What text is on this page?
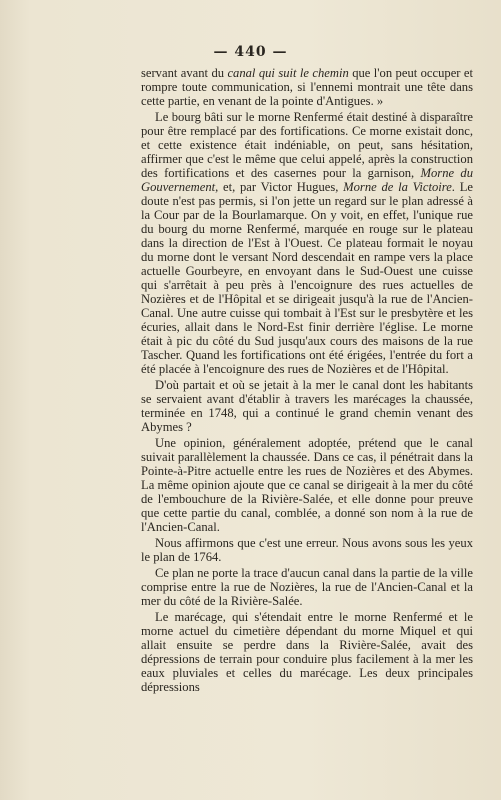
— 440 —

servant avant du canal qui suit le chemin que l'on peut occuper et rompre toute communication, si l'ennemi montrait une tête dans cette partie, en venant de la pointe d'Antigues. »

Le bourg bâti sur le morne Renfermé était destiné à disparaître pour être remplacé par des fortifications. Ce morne existait donc, et cette existence était indéniable, on peut, sans hésitation, affirmer que c'est le même que celui appelé, après la construction des fortifications et des casernes pour la garnison, Morne du Gouvernement, et, par Victor Hugues, Morne de la Victoire. Le doute n'est pas permis, si l'on jette un regard sur le plan adressé à la Cour par de la Bourlamarque. On y voit, en effet, l'unique rue du bourg du morne Renfermé, marquée en rouge sur le plateau dans la direction de l'Est à l'Ouest. Ce plateau formait le noyau du morne dont le versant Nord descendait en rampe vers la place actuelle Gourbeyre, en envoyant dans le Sud-Ouest une cuisse qui s'arrêtait à peu près à l'encoignure des rues actuelles de Nozières et de l'Hôpital et se dirigeait jusqu'à la rue de l'Ancien-Canal. Une autre cuisse qui tombait à l'Est sur le presbytère et les écuries, allait dans le Nord-Est finir derrière l'église. Le morne était à pic du côté du Sud jusqu'aux cours des maisons de la rue Tascher. Quand les fortifications ont été érigées, l'entrée du fort a été placée à l'encoignure des rues de Nozières et de l'Hôpital.

D'où partait et où se jetait à la mer le canal dont les habitants se servaient avant d'établir à travers les marécages la chaussée, terminée en 1748, qui a continué le grand chemin venant des Abymes ?

Une opinion, généralement adoptée, prétend que le canal suivait parallèlement la chaussée. Dans ce cas, il pénétrait dans la Pointe-à-Pitre actuelle entre les rues de Nozières et des Abymes. La même opinion ajoute que ce canal se dirigeait à la mer du côté de l'embouchure de la Rivière-Salée, et elle donne pour preuve que cette partie du canal, comblée, a donné son nom à la rue de l'Ancien-Canal.

Nous affirmons que c'est une erreur. Nous avons sous les yeux le plan de 1764.

Ce plan ne porte la trace d'aucun canal dans la partie de la ville comprise entre la rue de Nozières, la rue de l'Ancien-Canal et la mer du côté de la Rivière-Salée.

Le marécage, qui s'étendait entre le morne Renfermé et le morne actuel du cimetière dépendant du morne Miquel et qui allait ensuite se perdre dans la Rivière-Salée, avait des dépressions de terrain pour conduire plus facilement à la mer les eaux pluviales et celles du marécage. Les deux principales dépressions
